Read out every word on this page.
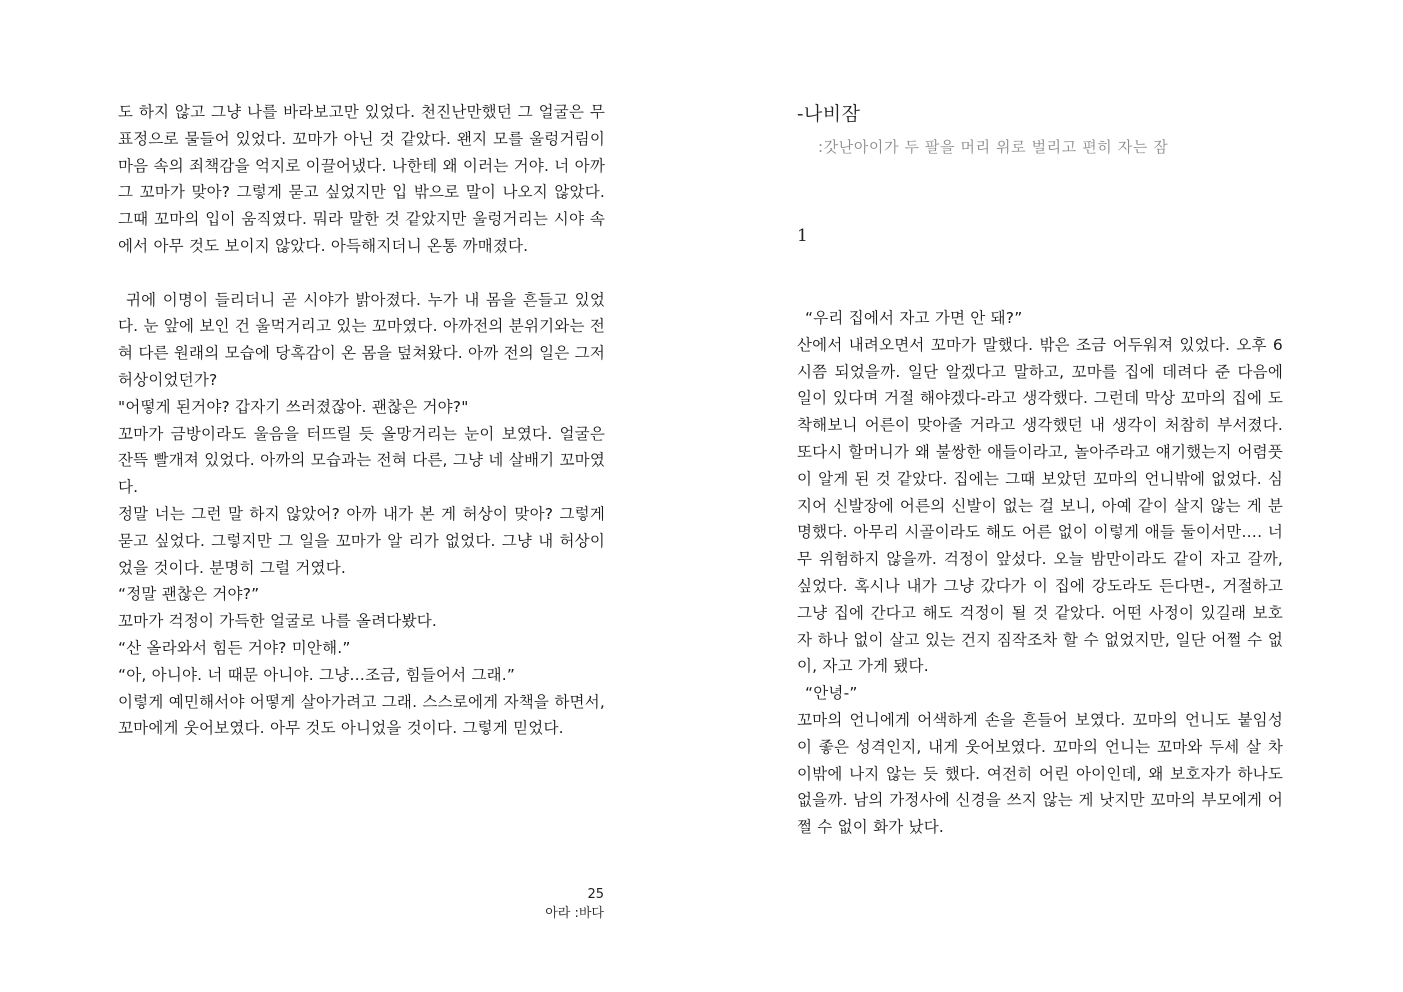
도 하지 않고 그냥 나를 바라보고만 있었다. 천진난만했던 그 얼굴은 무표정으로 물들어 있었다. 꼬마가 아닌 것 같았다. 왠지 모를 울렁거림이 마음 속의 죄책감을 억지로 이끌어냈다. 나한테 왜 이러는 거야. 너 아까 그 꼬마가 맞아? 그렇게 묻고 싶었지만 입 밖으로 말이 나오지 않았다. 그때 꼬마의 입이 움직였다. 뭐라 말한 것 같았지만 울렁거리는 시야 속에서 아무 것도 보이지 않았다. 아득해지더니 온통 까매졌다.

귀에 이명이 들리더니 곧 시야가 밝아졌다. 누가 내 몸을 흔들고 있었다. 눈 앞에 보인 건 울먹거리고 있는 꼬마였다. 아까전의 분위기와는 전혀 다른 원래의 모습에 당혹감이 온 몸을 덮쳐왔다. 아까 전의 일은 그저 허상이었던가?

"어떻게 된거야? 갑자기 쓰러졌잖아. 괜찮은 거야?"

꼬마가 금방이라도 울음을 터뜨릴 듯 올망거리는 눈이 보였다. 얼굴은 잔뜩 빨개져 있었다. 아까의 모습과는 전혀 다른, 그냥 네 살배기 꼬마였다.

정말 너는 그런 말 하지 않았어? 아까 내가 본 게 허상이 맞아? 그렇게 묻고 싶었다. 그렇지만 그 일을 꼬마가 알 리가 없었다. 그냥 내 허상이었을 것이다. 분명히 그럴 거였다.

“정말 괜찮은 거야?”

꼬마가 걱정이 가득한 얼굴로 나를 올려다봤다.

“산 올라와서 힘든 거야? 미안해.”

“아, 아니야. 너 때문 아니야. 그냥…조금, 힘들어서 그래.”

이렇게 예민해서야 어떻게 살아가려고 그래. 스스로에게 자책을 하면서, 꼬마에게 웃어보였다. 아무 것도 아니었을 것이다. 그렇게 믿었다.

25
아라 :바다
-나비잠
:갓난아이가 두 팔을 머리 위로 벌리고 편히 자는 잠
1

“우리 집에서 자고 가면 안 돼?”

산에서 내려오면서 꼬마가 말했다. 밖은 조금 어두워져 있었다. 오후 6시쯤 되었을까. 일단 알겠다고 말하고, 꼬마를 집에 데려다 준 다음에 일이 있다며 거절 해야겠다-라고 생각했다. 그런데 막상 꼬마의 집에 도착해보니 어른이 맞아줄 거라고 생각했던 내 생각이 처참히 부서졌다. 또다시 할머니가 왜 불쌍한 애들이라고, 놀아주라고 얘기했는지 어렴풋이 알게 된 것 같았다. 집에는 그때 보았던 꼬마의 언니밖에 없었다. 심지어 신발장에 어른의 신발이 없는 걸 보니, 아예 같이 살지 않는 게 분명했다. 아무리 시골이라도 해도 어른 없이 이렇게 애들 둘이서만…. 너무 위험하지 않을까. 걱정이 앞섰다. 오늘 밤만이라도 같이 자고 갈까, 싶었다. 혹시나 내가 그냥 갔다가 이 집에 강도라도 든다면-, 거절하고 그냥 집에 간다고 해도 걱정이 될 것 같았다. 어떤 사정이 있길래 보호자 하나 없이 살고 있는 건지 짐작조차 할 수 없었지만, 일단 어쩔 수 없이, 자고 가게 됐다.

“안녕-”

꼬마의 언니에게 어색하게 손을 흔들어 보였다. 꼬마의 언니도 붙임성이 좋은 성격인지, 내게 웃어보였다. 꼬마의 언니는 꼬마와 두세 살 차이밖에 나지 않는 듯 했다. 여전히 어린 아이인데, 왜 보호자가 하나도 없을까. 남의 가정사에 신경을 쓰지 않는 게 낫지만 꼬마의 부모에게 어쩔 수 없이 화가 났다.
